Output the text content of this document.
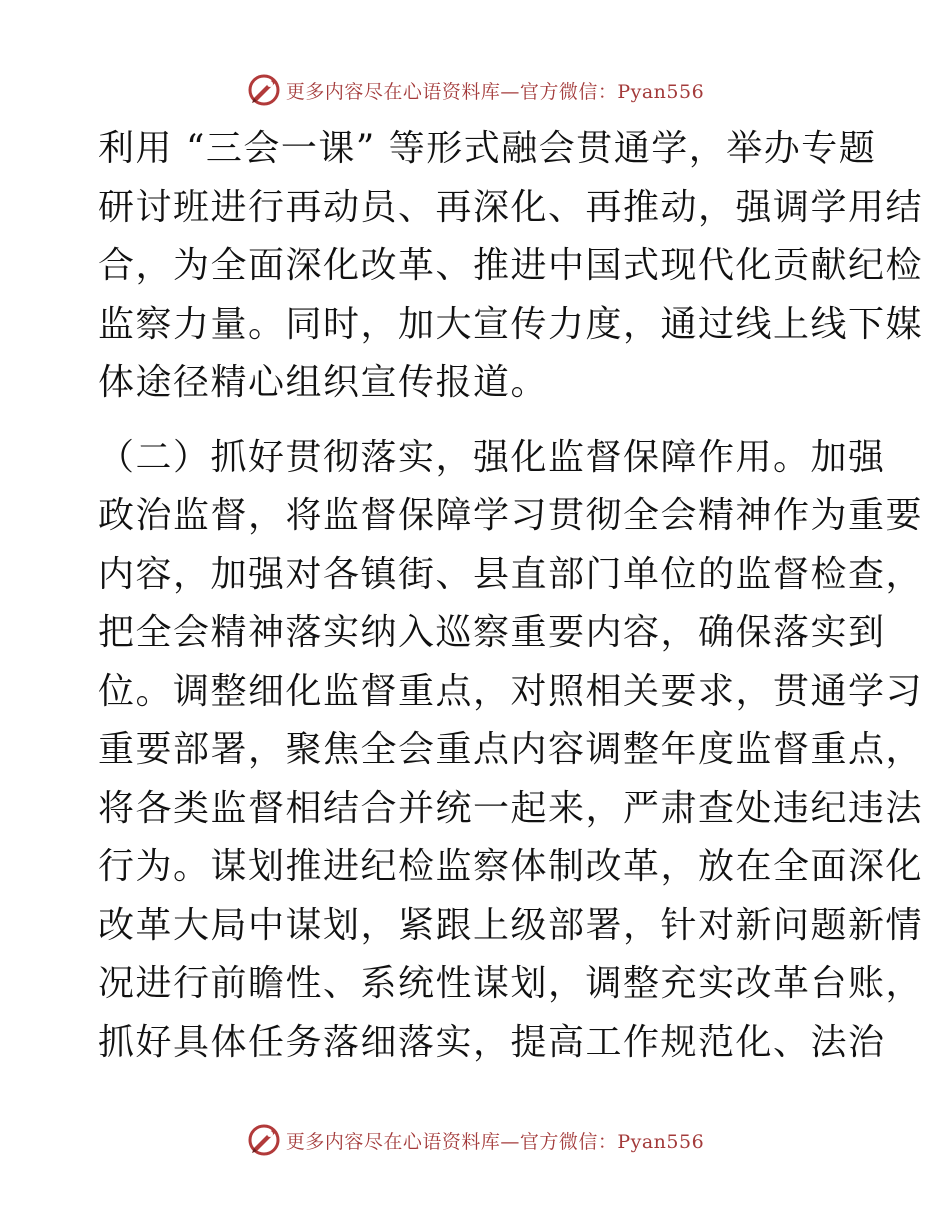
更多内容尽在心语资料库—官方微信：Pyan556
利用 “三会一课” 等形式融会贯通学，举办专题
研讨班进行再动员、再深化、再推动，强调学用结
合，为全面深化改革、推进中国式现代化贡献纪检
监察力量。同时，加大宣传力度，通过线上线下媒
体途径精心组织宣传报道。
（二）抓好贯彻落实，强化监督保障作用。加强
政治监督，将监督保障学习贯彻全会精神作为重要
内容，加强对各镇街、县直部门单位的监督检查，
把全会精神落实纳入巡察重要内容，确保落实到
位。调整细化监督重点，对照相关要求，贯通学习
重要部署，聚焦全会重点内容调整年度监督重点，
将各类监督相结合并统一起来，严肃查处违纪违法
行为。谋划推进纪检监察体制改革，放在全面深化
改革大局中谋划，紧跟上级部署，针对新问题新情
况进行前瞻性、系统性谋划，调整充实改革台账，
抓好具体任务落细落实，提高工作规范化、法治
更多内容尽在心语资料库—官方微信：Pyan556
